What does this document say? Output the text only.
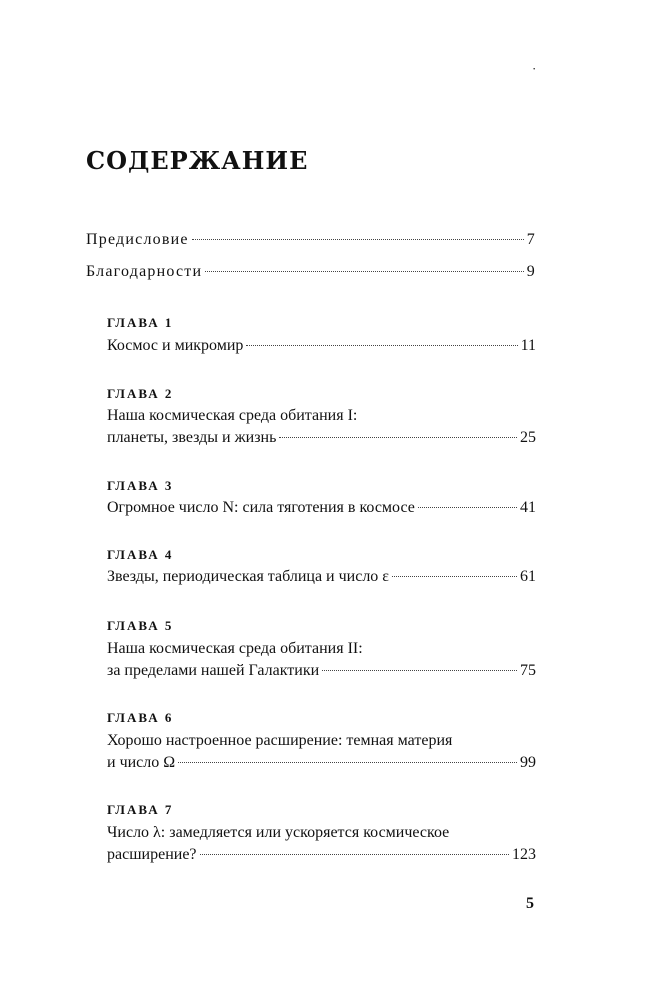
·
СОДЕРЖАНИЕ
Предисловие	7
Благодарности	9
ГЛАВА 1
Космос и микромир	11
ГЛАВА 2
Наша космическая среда обитания I:
планеты, звезды и жизнь	25
ГЛАВА 3
Огромное число N: сила тяготения в космосе	41
ГЛАВА 4
Звезды, периодическая таблица и число ε	61
ГЛАВА 5
Наша космическая среда обитания II:
за пределами нашей Галактики	75
ГЛАВА 6
Хорошо настроенное расширение: темная материя
и число Ω	99
ГЛАВА 7
Число λ: замедляется или ускоряется космическое
расширение?	123
5
